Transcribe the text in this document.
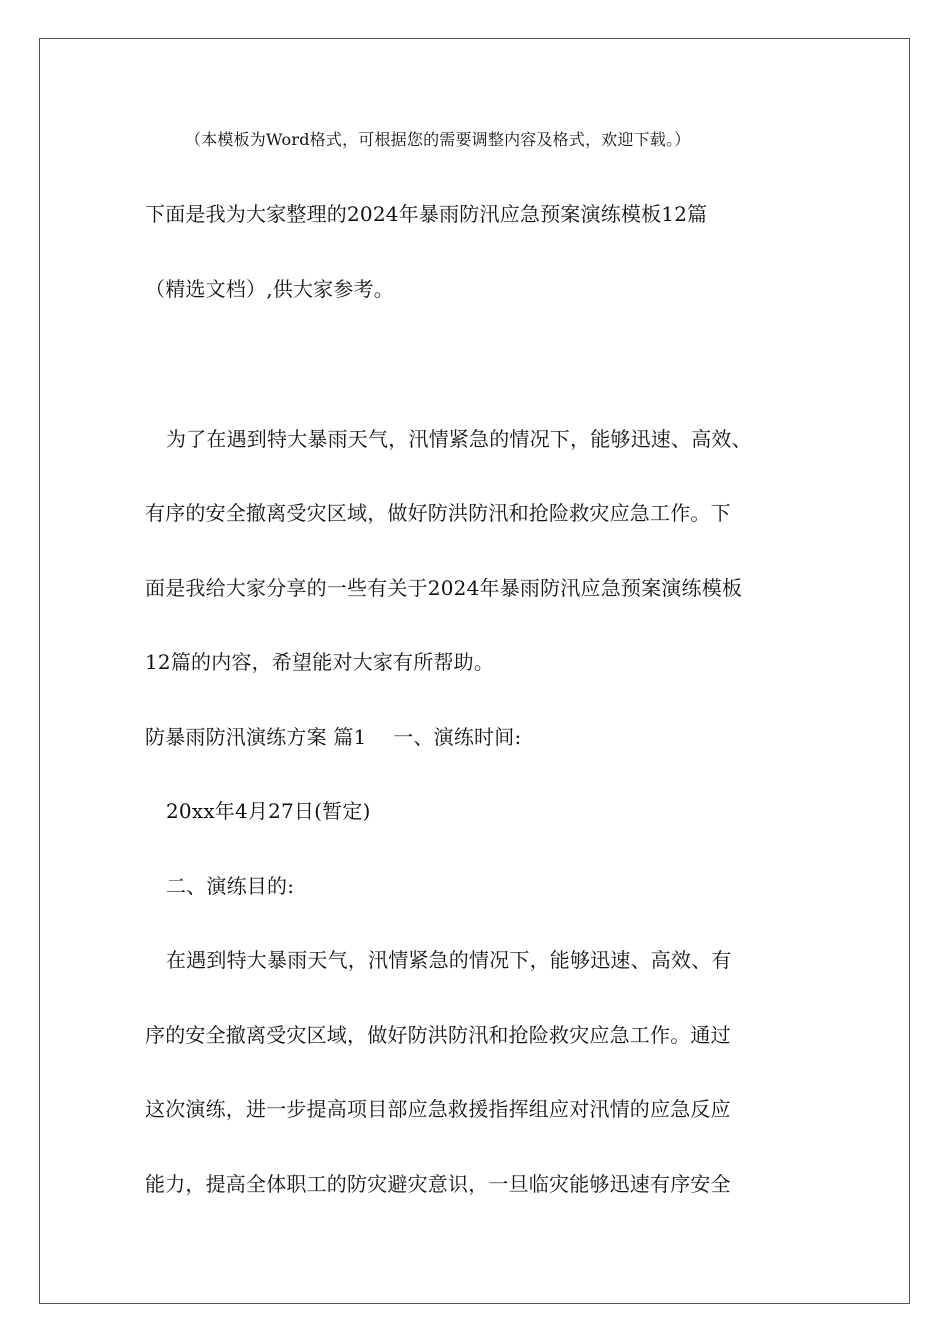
（本模板为Word格式，可根据您的需要调整内容及格式，欢迎下载。）
下面是我为大家整理的2024年暴雨防汛应急预案演练模板12篇
（精选文档）,供大家参考。
为了在遇到特大暴雨天气，汛情紧急的情况下，能够迅速、高效、
有序的安全撤离受灾区域，做好防洪防汛和抢险救灾应急工作。下
面是我给大家分享的一些有关于2024年暴雨防汛应急预案演练模板
12篇的内容，希望能对大家有所帮助。
防暴雨防汛演练方案 篇1　 一、演练时间:
20xx年4月27日(暂定)
二、演练目的:
在遇到特大暴雨天气，汛情紧急的情况下，能够迅速、高效、有
序的安全撤离受灾区域，做好防洪防汛和抢险救灾应急工作。通过
这次演练，进一步提高项目部应急救援指挥组应对汛情的应急反应
能力，提高全体职工的防灾避灾意识，一旦临灾能够迅速有序安全
